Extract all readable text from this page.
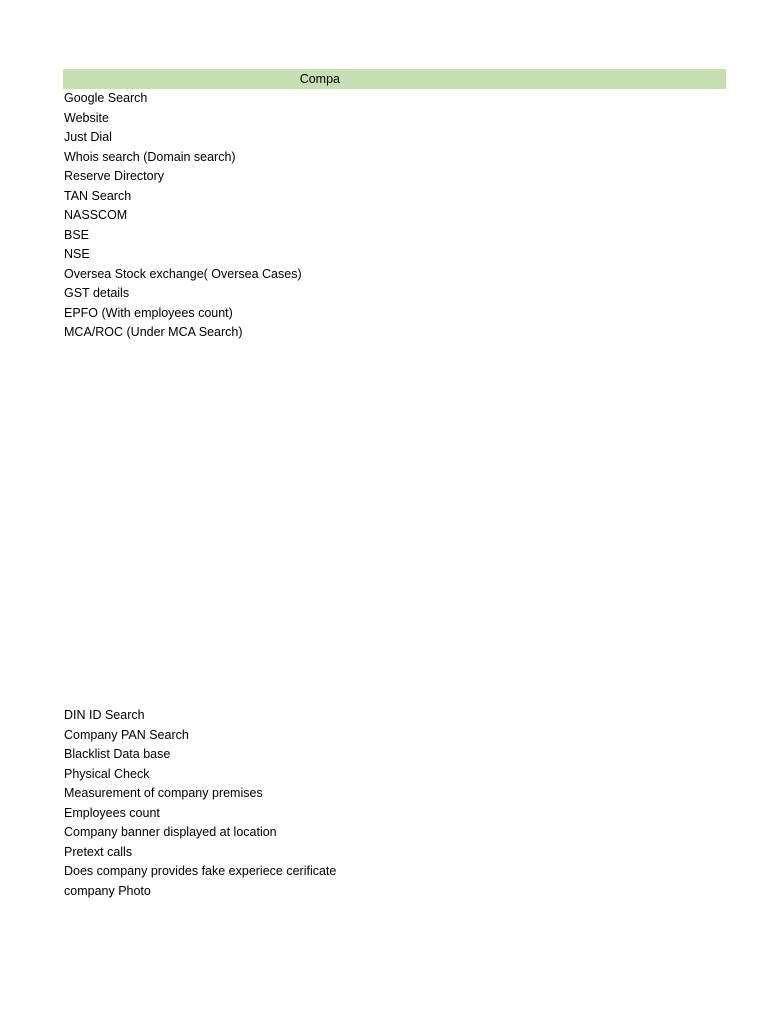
Compa
Google Search
Website
Just Dial
Whois search (Domain search)
Reserve Directory
TAN Search
NASSCOM
BSE
NSE
Oversea Stock exchange( Oversea Cases)
GST details
EPFO (With employees count)
MCA/ROC (Under MCA Search)
DIN ID Search
Company PAN Search
Blacklist Data base
Physical Check
Measurement of company premises
Employees count
Company banner displayed at location
Pretext calls
Does company provides fake experiece cerificate
company Photo
